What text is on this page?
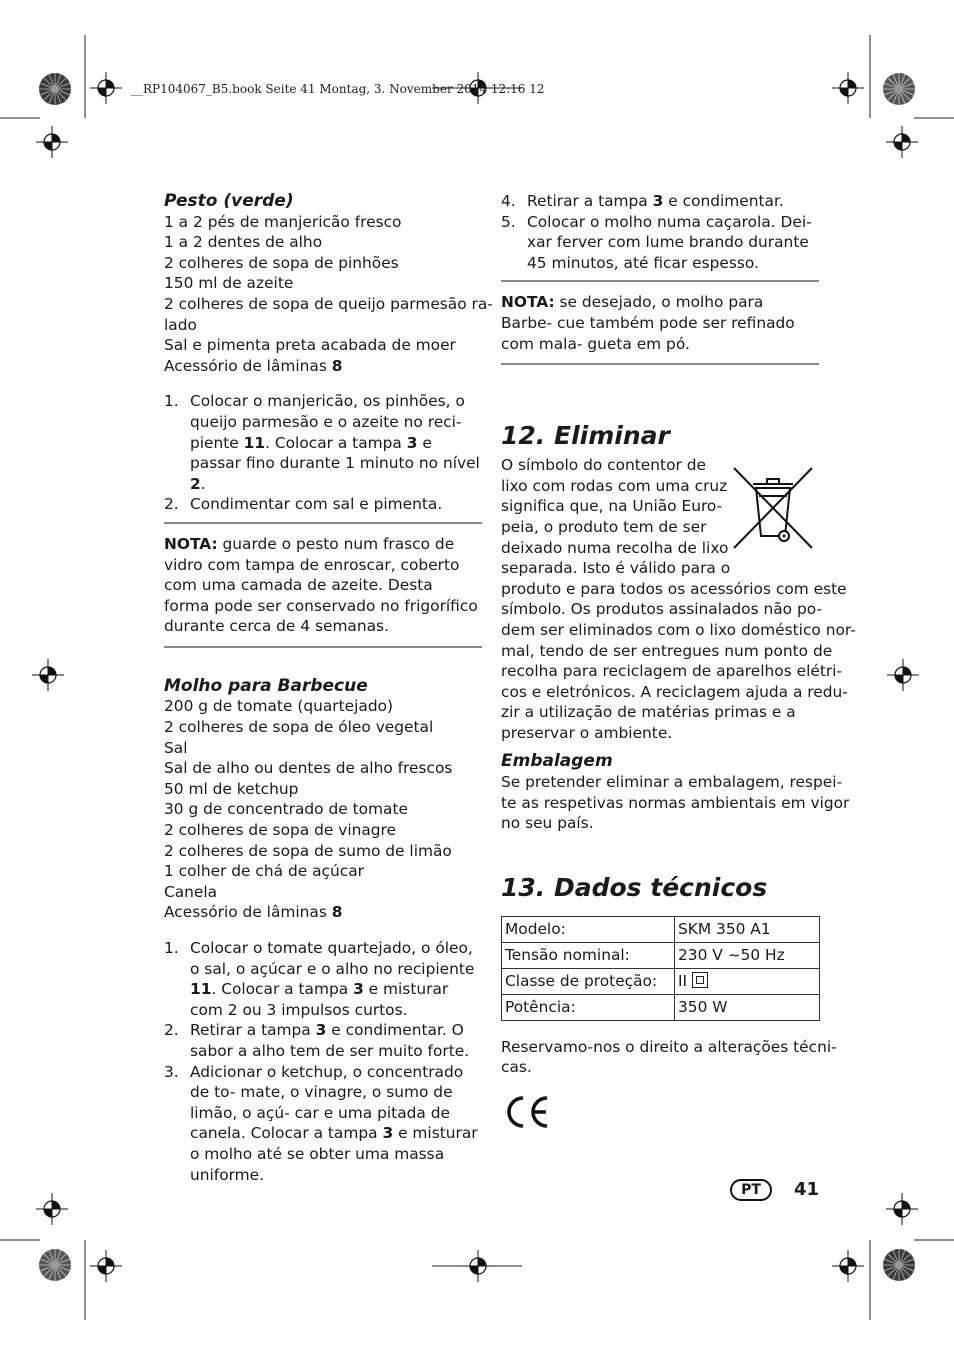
__RP104067_B5.book Seite 41 Montag, 3. November 2014 12:16 12
Pesto (verde)
1 a 2 pés de manjericão fresco
1 a 2 dentes de alho
2 colheres de sopa de pinhões
150 ml de azeite
2 colheres de sopa de queijo parmesão ra-
lado
Sal e pimenta preta acabada de moer
Acessório de lâminas 8
1. Colocar o manjericão, os pinhões, o queijo parmesão e o azeite no reci- piente 11. Colocar a tampa 3 e passar fino durante 1 minuto no nível 2.
2. Condimentar com sal e pimenta.
NOTA: guarde o pesto num frasco de vidro com tampa de enroscar, coberto com uma camada de azeite. Desta forma pode ser conservado no frigorífico durante cerca de 4 semanas.
Molho para Barbecue
200 g de tomate (quartejado)
2 colheres de sopa de óleo vegetal
Sal
Sal de alho ou dentes de alho frescos
50 ml de ketchup
30 g de concentrado de tomate
2 colheres de sopa de vinagre
2 colheres de sopa de sumo de limão
1 colher de chá de açúcar
Canela
Acessório de lâminas 8
1. Colocar o tomate quartejado, o óleo, o sal, o açúcar e o alho no recipiente 11. Colocar a tampa 3 e misturar com 2 ou 3 impulsos curtos.
2. Retirar a tampa 3 e condimentar. O sabor a alho tem de ser muito forte.
3. Adicionar o ketchup, o concentrado de to- mate, o vinagre, o sumo de limão, o açú- car e uma pitada de canela. Colocar a tampa 3 e misturar o molho até se obter uma massa uniforme.
4. Retirar a tampa 3 e condimentar.
5. Colocar o molho numa caçarola. Dei- xar ferver com lume brando durante 45 minutos, até ficar espesso.
NOTA: se desejado, o molho para Barbe- cue também pode ser refinado com mala- gueta em pó.
12. Eliminar
O símbolo do contentor de
lixo com rodas com uma cruz
significa que, na União Euro-
peia, o produto tem de ser
deixado numa recolha de lixo
separada. Isto é válido para o
produto e para todos os acessórios com este
símbolo. Os produtos assinalados não po-
dem ser eliminados com o lixo doméstico nor-
mal, tendo de ser entregues num ponto de
recolha para reciclagem de aparelhos elétri-
cos e eletrónicos. A reciclagem ajuda a redu-
zir a utilização de matérias primas e a
preservar o ambiente.
Embalagem
Se pretender eliminar a embalagem, respei-
te as respetivas normas ambientais em vigor
no seu país.
13. Dados técnicos
Modelo:	SKM 350 A1
Tensão nominal:	230 V ~50 Hz
Classe de proteção:	II
Potência:	350 W
Reservamo-nos o direito a alterações técni-
cas.
PT	41
